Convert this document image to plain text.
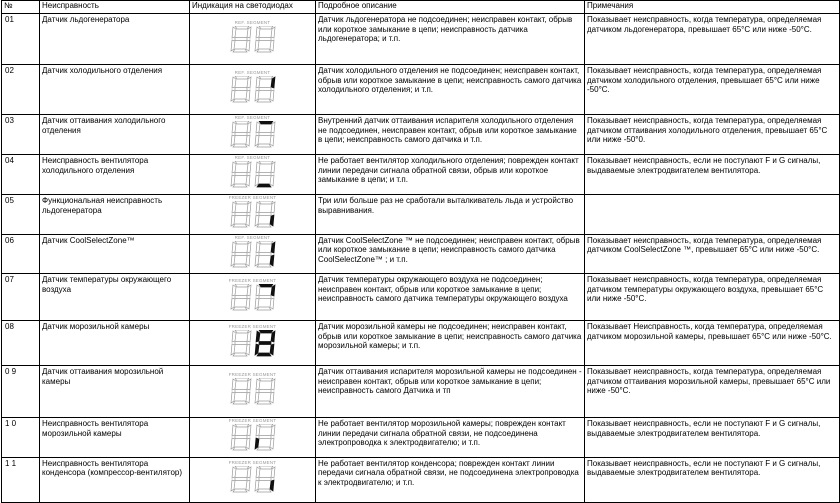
№	Неисправность	Индикация на светодиодах	Подробное описание	Примечания
01	Датчик льдогенератора	REF. SEGMENT	Датчик льдогенератора не подсоединен; неисправен контакт, обрыв или короткое замыкание в цепи; неисправность датчика льдогенератора; и т.п.	Показывает неисправность, когда температура, определяемая датчиком льдогенератора, превышает 65°C или ниже -50°C.
02	Датчик холодильного отделения	REF. SEGMENT	Датчик холодильного отделения не подсоединен; неисправен контакт, обрыв или короткое замыкание в цепи; неисправность самого датчика холодильного отделения; и т.п.	Показывает неисправность, когда температура, определяемая датчиком холодильного отделения, превышает 65°C или ниже -50°C.
03	Датчик оттаивания холодильного отделения	REF. SEGMENT	Внутренний датчик оттаивания испарителя холодильного отделения не подсоединен, неисправен контакт, обрыв или короткое замыкание в цепи; неисправность самого датчика и т.п.	Показывает неисправность, когда температура, определяемая датчиком оттаивания холодильного отделения, превышает 65°C или ниже -50°0.
04	Неисправность вентилятора холодильного отделения	REF. SEGMENT	Не работает вентилятор холодильного отделения; поврежден контакт линии передачи сигнала обратной связи, обрыв или короткое замыкание в цепи; и т.п.	Показывает неисправность, если не поступают F и G сигналы, выдаваемые электродвигателем вентилятора.
05	Функциональная неисправность льдогенератора	FREEZER SEGMENT	Три или больше раз не сработали выталкиватель льда и устройство выравнивания.	
06	Датчик CoolSelectZone™	REF. SEGMENT	Датчик CoolSelectZone ™ не подсоединен; неисправен контакт, обрыв или короткое замыкание в цепи; неисправность самого датчика CoolSelectZone™ ; и т.п.	Показывает неисправность, когда температура, определяемая датчиком CoolSelectZone ™, превышает 65°C или ниже -50°C.
07	Датчик температуры окружающего воздуха	FREEZER SEGMENT	Датчик температуры окружающего воздуха не подсоединен; неисправен контакт, обрыв или короткое замыкание в цепи; неисправность самого датчика температуры окружающего воздуха	Показывает неисправность, когда температура, определяемая датчиком температуры окружающего воздуха, превышает 65°C или ниже -50°C.
08	Датчик морозильной камеры	FREEZER SEGMENT	Датчик морозильной камеры не подсоединен; неисправен контакт, обрыв или короткое замыкание в цепи; неисправность самого датчика морозильной камеры; и т.п.	Показывает Неисправность, когда температура, определяемая датчиком морозильной камеры, превышает 65°C или ниже -50°C.
0 9	Датчик оттаивания морозильной камеры	FREEZER SEGMENT	Датчик оттаивания испарителя морозильной камеры не подсоединен - неисправен контакт, обрыв или короткое замыкание в цепи; неисправность самого Датчика и тп	Показывает неисправность, когда температура, определяемая датчиком оттаивания морозильной камеры, превышает 65°C или ниже -50°C.
1 0	Неисправность вентилятора морозильной камеры	FREEZER SEGMENT	Не работает вентилятор морозильной камеры; поврежден контакт линии передачи сигнала обратной связи, не подсоединена электропроводка к электродвигателю; и т.п.	Показывает неисправность, если не поступают F и G сигналы, выдаваемые электродвигателем вентилятора.
1 1	Неисправность вентилятора конденсора (компрессор-вентилятор)	FREEZER SEGMENT	Не работает вентилятор конденсора; поврежден контакт линии передачи сигнала обратной связи, не подсоединена электропроводка к электродвигателю; и т.п.	Показывает неисправность, если не поступают F и G сигналы, выдаваемые электродвигателем вентилятора.
